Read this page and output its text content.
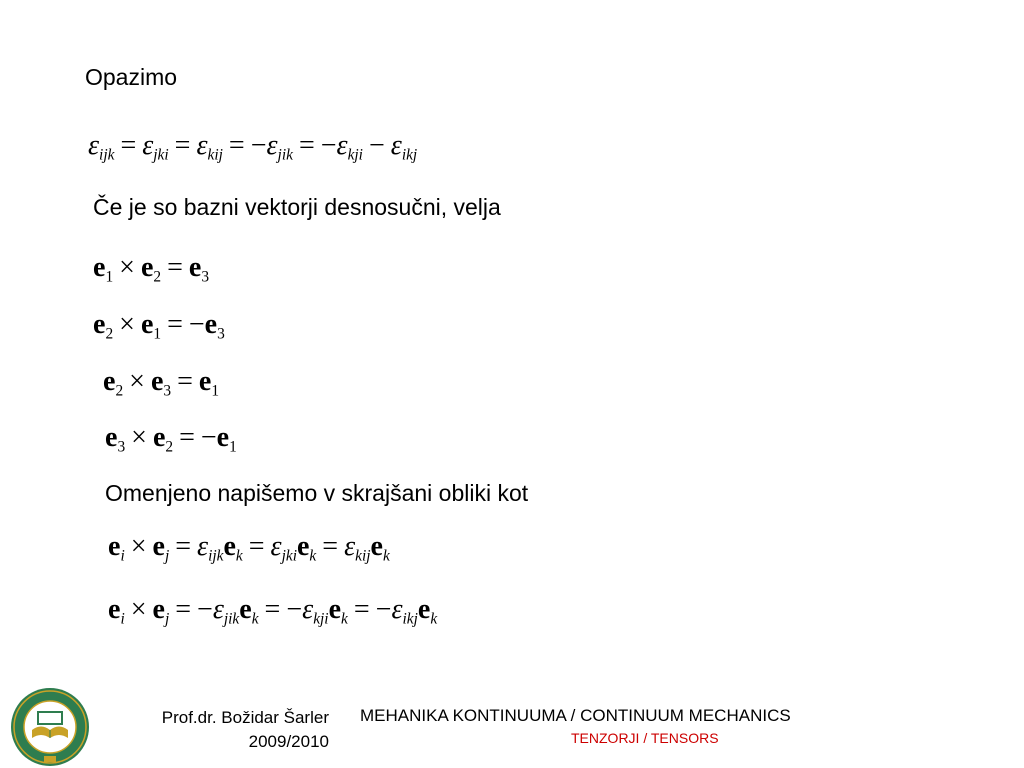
Opazimo
$\varepsilon_{ijk} = \varepsilon_{jki} = \varepsilon_{kij} = -\varepsilon_{jik} = -\varepsilon_{kji} - \varepsilon_{ikj}$
Če je so bazni vektorji desnosučni, velja
$e_1 \times e_2 = e_3$
$e_2 \times e_1 = -e_3$
$e_2 \times e_3 = e_1$
$e_3 \times e_2 = -e_1$
Omenjeno napišemo v skrajšani obliki kot
$e_i \times e_j = \varepsilon_{ijk}e_k = \varepsilon_{jki}e_k = \varepsilon_{kij}e_k$
$e_i \times e_j = -\varepsilon_{jik}e_k = -\varepsilon_{kji}e_k = -\varepsilon_{ikj}e_k$
Prof.dr. Božidar Šarler
2009/2010
MEHANIKA KONTINUUMA / CONTINUUM MECHANICS
TENZORJI / TENSORS
